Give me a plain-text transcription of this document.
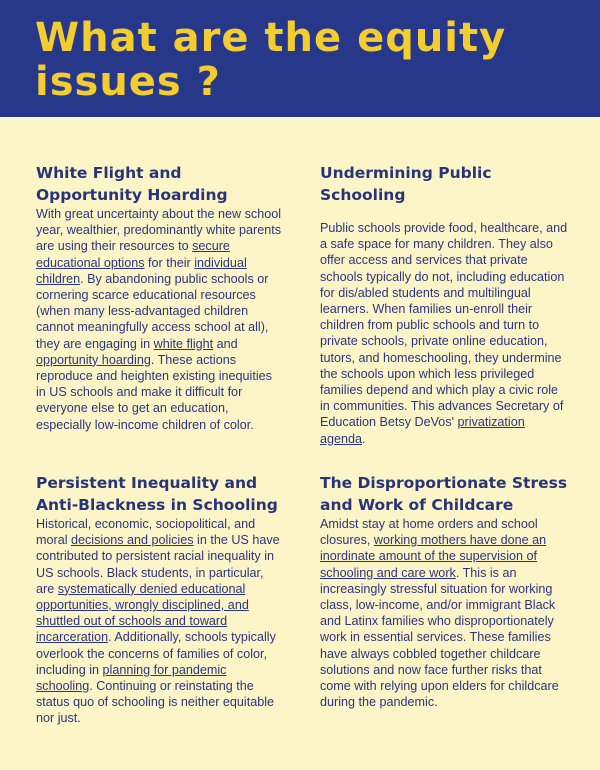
What are the equity issues ?
White Flight and Opportunity Hoarding

With great uncertainty about the new school year, wealthier, predominantly white parents are using their resources to secure educational options for their individual children. By abandoning public schools or cornering scarce educational resources (when many less-advantaged children cannot meaningfully access school at all), they are engaging in white flight and opportunity hoarding. These actions reproduce and heighten existing inequities in US schools and make it difficult for everyone else to get an education, especially low-income children of color.

Undermining Public Schooling

Public schools provide food, healthcare, and a safe space for many children. They also offer access and services that private schools typically do not, including education for dis/abled students and multilingual learners. When families un-enroll their children from public schools and turn to private schools, private online education, tutors, and homeschooling, they undermine the schools upon which less privileged families depend and which play a civic role in communities. This advances Secretary of Education Betsy DeVos' privatization agenda.

Persistent Inequality and Anti-Blackness in Schooling

Historical, economic, sociopolitical, and moral decisions and policies in the US have contributed to persistent racial inequality in US schools. Black students, in particular, are systematically denied educational opportunities, wrongly disciplined, and shuttled out of schools and toward incarceration. Additionally, schools typically overlook the concerns of families of color, including in planning for pandemic schooling. Continuing or reinstating the status quo of schooling is neither equitable nor just.

The Disproportionate Stress and Work of Childcare

Amidst stay at home orders and school closures, working mothers have done an inordinate amount of the supervision of schooling and care work. This is an increasingly stressful situation for working class, low-income, and/or immigrant Black and Latinx families who disproportionately work in essential services. These families have always cobbled together childcare solutions and now face further risks that come with relying upon elders for childcare during the pandemic.
